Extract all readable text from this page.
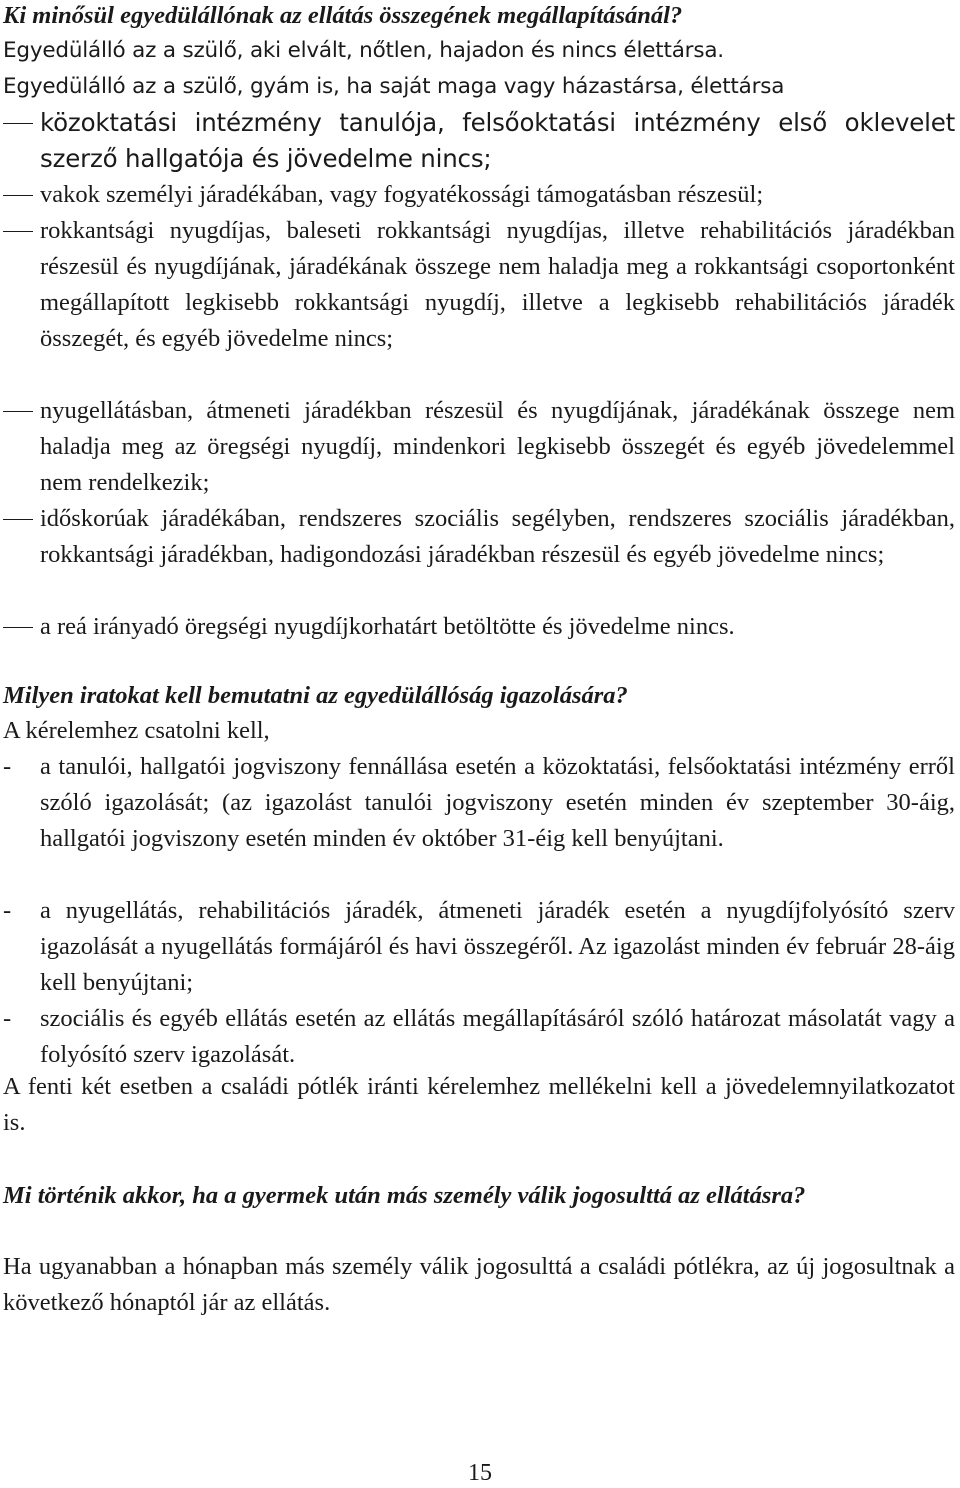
Ki minősül egyedülállónak az ellátás összegének megállapításánál?
Egyedülálló az a szülő, aki elvált, nőtlen, hajadon és nincs élettársa.
Egyedülálló az a szülő, gyám is, ha saját maga vagy házastársa, élettársa
közoktatási intézmény tanulója, felsőoktatási intézmény első oklevelet szerző hallgatója és jövedelme nincs;
vakok személyi járadékában, vagy fogyatékossági támogatásban részesül;
rokkantsági nyugdíjas, baleseti rokkantsági nyugdíjas, illetve rehabilitációs járadékban részesül és nyugdíjának, járadékának összege nem haladja meg a rokkantsági csoportonként megállapított legkisebb rokkantsági nyugdíj, illetve a legkisebb rehabilitációs járadék összegét, és egyéb jövedelme nincs;
nyugellátásban, átmeneti járadékban részesül és nyugdíjának, járadékának összege nem haladja meg az öregségi nyugdíj, mindenkori legkisebb összegét és egyéb jövedelemmel nem rendelkezik;
időskorúak járadékában, rendszeres szociális segélyben, rendszeres szociális járadékban, rokkantsági járadékban, hadigondozási járadékban részesül és egyéb jövedelme nincs;
a reá irányadó öregségi nyugdíjkorhatárt betöltötte és jövedelme nincs.
Milyen iratokat kell bemutatni az egyedülállóság igazolására?
A kérelemhez csatolni kell,
-	a tanulói, hallgatói jogviszony fennállása esetén a közoktatási, felsőoktatási intézmény erről szóló igazolását; (az igazolást tanulói jogviszony esetén minden év szeptember 30-áig, hallgatói jogviszony esetén minden év október 31-éig kell benyújtani.
-	a nyugellátás, rehabilitációs járadék, átmeneti járadék esetén a nyugdíjfolyósító szerv igazolását a nyugellátás formájáról és havi összegéről. Az igazolást minden év február 28-áig kell benyújtani;
-	szociális és egyéb ellátás esetén az ellátás megállapításáról szóló határozat másolatát vagy a folyósító szerv igazolását.
A fenti két esetben a családi pótlék iránti kérelemhez mellékelni kell a jövedelemnyilatkozatot is.
Mi történik akkor, ha a gyermek után más személy válik jogosulttá az ellátásra?
Ha ugyanabban a hónapban más személy válik jogosulttá a családi pótlékra, az új jogosultnak a következő hónaptól jár az ellátás.
15
